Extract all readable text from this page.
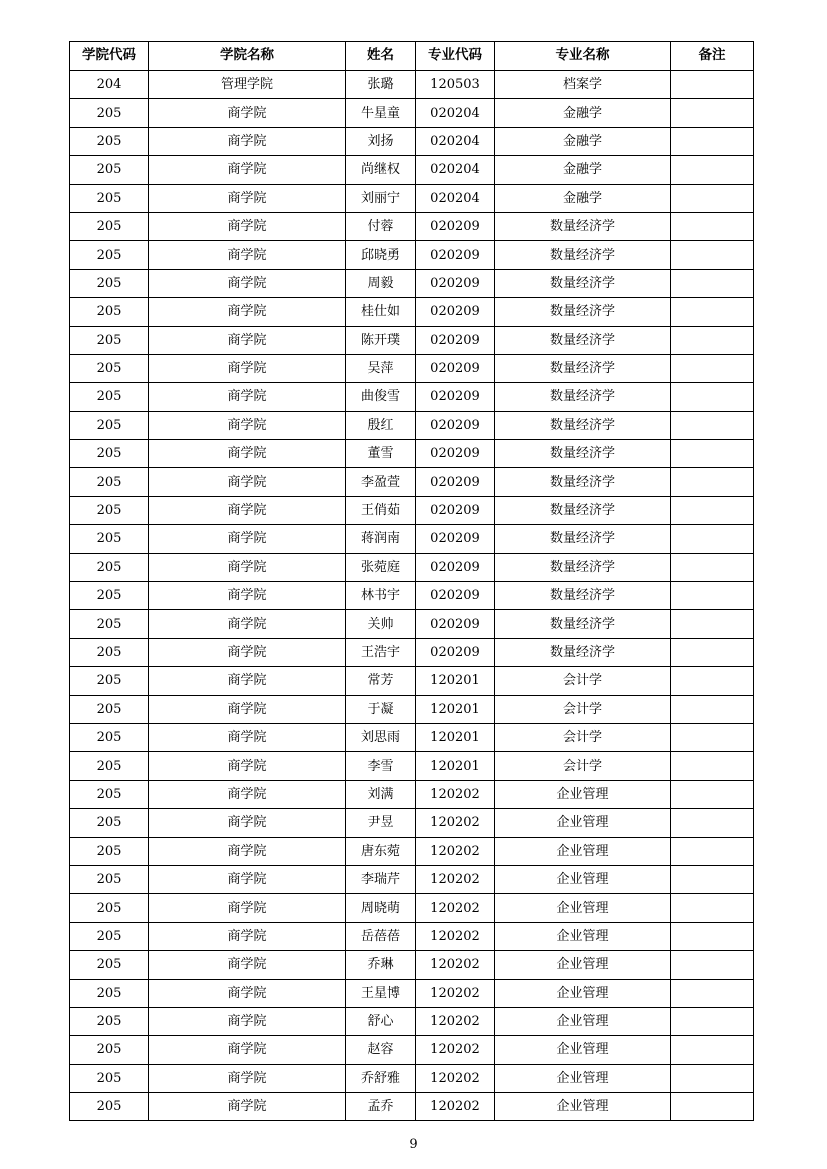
学院代码	学院名称	姓名	专业代码	专业名称	备注
204	管理学院	张璐	120503	档案学	
205	商学院	牛星童	020204	金融学	
205	商学院	刘扬	020204	金融学	
205	商学院	尚继权	020204	金融学	
205	商学院	刘丽宁	020204	金融学	
205	商学院	付蓉	020209	数量经济学	
205	商学院	邱晓勇	020209	数量经济学	
205	商学院	周毅	020209	数量经济学	
205	商学院	桂仕如	020209	数量经济学	
205	商学院	陈开璞	020209	数量经济学	
205	商学院	吴萍	020209	数量经济学	
205	商学院	曲俊雪	020209	数量经济学	
205	商学院	殷红	020209	数量经济学	
205	商学院	董雪	020209	数量经济学	
205	商学院	李盈萱	020209	数量经济学	
205	商学院	王俏茹	020209	数量经济学	
205	商学院	蒋润南	020209	数量经济学	
205	商学院	张菀庭	020209	数量经济学	
205	商学院	林书宇	020209	数量经济学	
205	商学院	关帅	020209	数量经济学	
205	商学院	王浩宇	020209	数量经济学	
205	商学院	常芳	120201	会计学	
205	商学院	于凝	120201	会计学	
205	商学院	刘思雨	120201	会计学	
205	商学院	李雪	120201	会计学	
205	商学院	刘满	120202	企业管理	
205	商学院	尹昱	120202	企业管理	
205	商学院	唐东菀	120202	企业管理	
205	商学院	李瑞芹	120202	企业管理	
205	商学院	周晓萌	120202	企业管理	
205	商学院	岳蓓蓓	120202	企业管理	
205	商学院	乔琳	120202	企业管理	
205	商学院	王星博	120202	企业管理	
205	商学院	舒心	120202	企业管理	
205	商学院	赵容	120202	企业管理	
205	商学院	乔舒雅	120202	企业管理	
205	商学院	孟乔	120202	企业管理	
9
